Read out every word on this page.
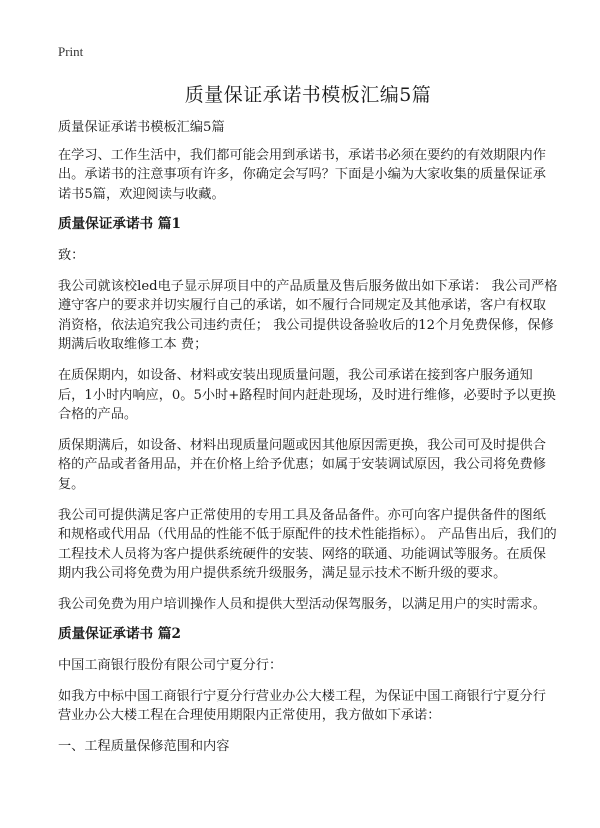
Print
质量保证承诺书模板汇编5篇

质量保证承诺书模板汇编5篇

在学习、工作生活中，我们都可能会用到承诺书，承诺书必须在要约的有效期限内作出。承诺书的注意事项有许多，你确定会写吗？下面是小编为大家收集的质量保证承诺书5篇，欢迎阅读与收藏。

质量保证承诺书 篇1

致：

我公司就该校led电子显示屏项目中的产品质量及售后服务做出如下承诺： 我公司严格遵守客户的要求并切实履行自己的承诺，如不履行合同规定及其他承诺，客户有权取消资格，依法追究我公司违约责任； 我公司提供设备验收后的12个月免费保修，保修期满后收取维修工本 费；

在质保期内，如设备、材料或安装出现质量问题，我公司承诺在接到客户服务通知后，1小时内响应，0。5小时+路程时间内赶赴现场，及时进行维修，必要时予以更换合格的产品。

质保期满后，如设备、材料出现质量问题或因其他原因需更换，我公司可及时提供合格的产品或者备用品，并在价格上给予优惠；如属于安装调试原因，我公司将免费修复。

我公司可提供满足客户正常使用的专用工具及备品备件。亦可向客户提供备件的图纸和规格或代用品（代用品的性能不低于原配件的技术性能指标）。 产品售出后，我们的工程技术人员将为客户提供系统硬件的安装、网络的联通、功能调试等服务。在质保期内我公司将免费为用户提供系统升级服务，满足显示技术不断升级的要求。

我公司免费为用户培训操作人员和提供大型活动保驾服务，以满足用户的实时需求。

质量保证承诺书 篇2

中国工商银行股份有限公司宁夏分行：

如我方中标中国工商银行宁夏分行营业办公大楼工程，为保证中国工商银行宁夏分行营业办公大楼工程在合理使用期限内正常使用，我方做如下承诺：

一、工程质量保修范围和内容
